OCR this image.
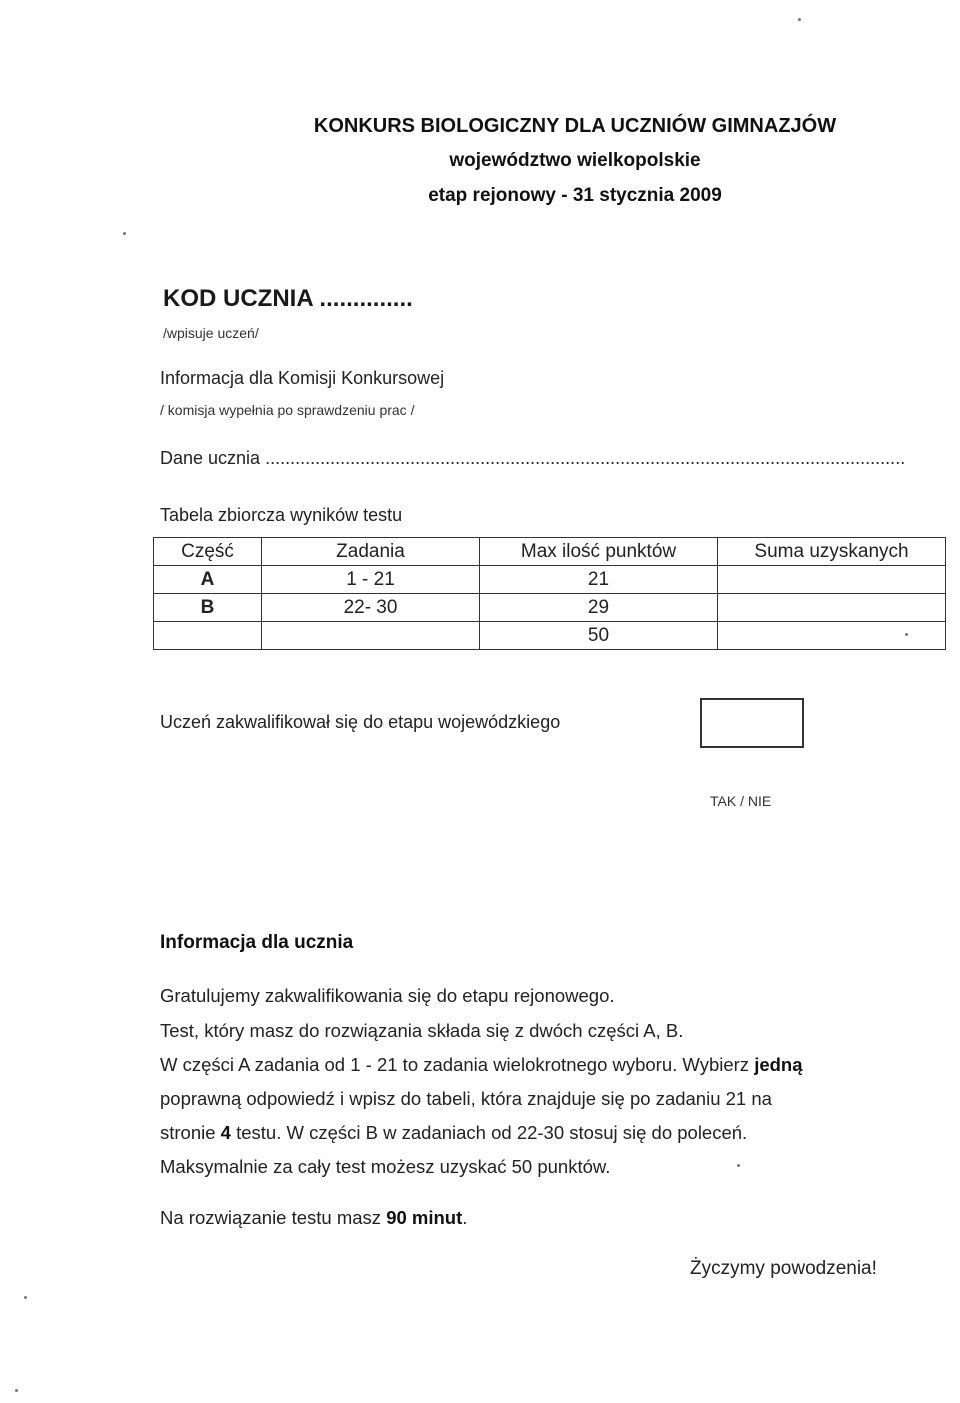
KONKURS BIOLOGICZNY DLA UCZNIÓW GIMNAZJÓW
województwo wielkopolskie
etap rejonowy - 31 stycznia 2009
KOD UCZNIA ..............
/wpisuje uczeń/
Informacja dla Komisji Konkursowej
/ komisja wypełnia po sprawdzeniu prac /
Dane ucznia ................................................................................................................................
Tabela zbiorcza wyników testu
Część	Zadania	Max ilość punktów	Suma uzyskanych
A	1 - 21	21	
B	22- 30	29	
		50	
Uczeń zakwalifikował się do etapu wojewódzkiego
TAK / NIE
Informacja dla ucznia
Gratulujemy zakwalifikowania się do etapu rejonowego.
Test, który masz do rozwiązania składa się z dwóch części A, B.
W części A zadania od 1 - 21 to zadania wielokrotnego wyboru. Wybierz jedną
poprawną odpowiedź i wpisz do tabeli, która znajduje się po zadaniu 21 na
stronie 4 testu. W części B w zadaniach od 22-30 stosuj się do poleceń.
Maksymalnie za cały test możesz uzyskać 50 punktów.
Na rozwiązanie testu masz 90 minut.
Życzymy powodzenia!
